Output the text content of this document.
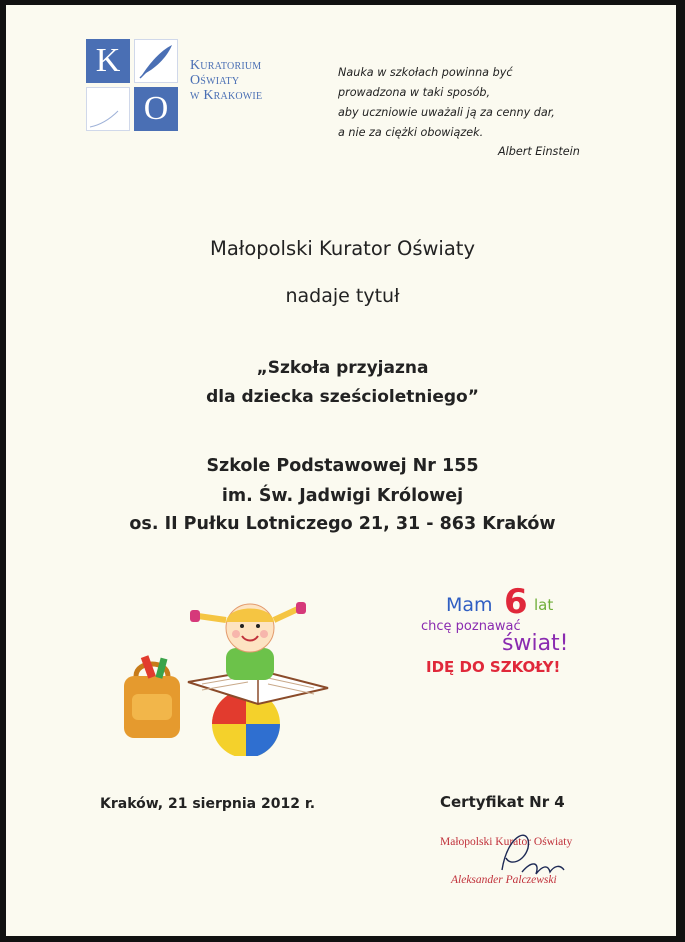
K
O
Kuratorium
Oświaty
w Krakowie
Nauka w szkołach powinna być
prowadzona w taki sposób,
aby uczniowie uważali ją za cenny dar,
a nie za ciężki obowiązek.
Albert Einstein
Małopolski Kurator Oświaty
nadaje tytuł
„Szkoła przyjazna
dla dziecka sześcioletniego”
Szkole Podstawowej Nr 155
im. Św. Jadwigi Królowej
os. II Pułku Lotniczego 21, 31 - 863 Kraków
Mam 6 lat
chcę poznawać
świat!
IDĘ DO SZKOŁY!
Kraków, 21 sierpnia 2012 r.	Certyfikat Nr 4
Małopolski Kurator Oświaty
Aleksander Palczewski
